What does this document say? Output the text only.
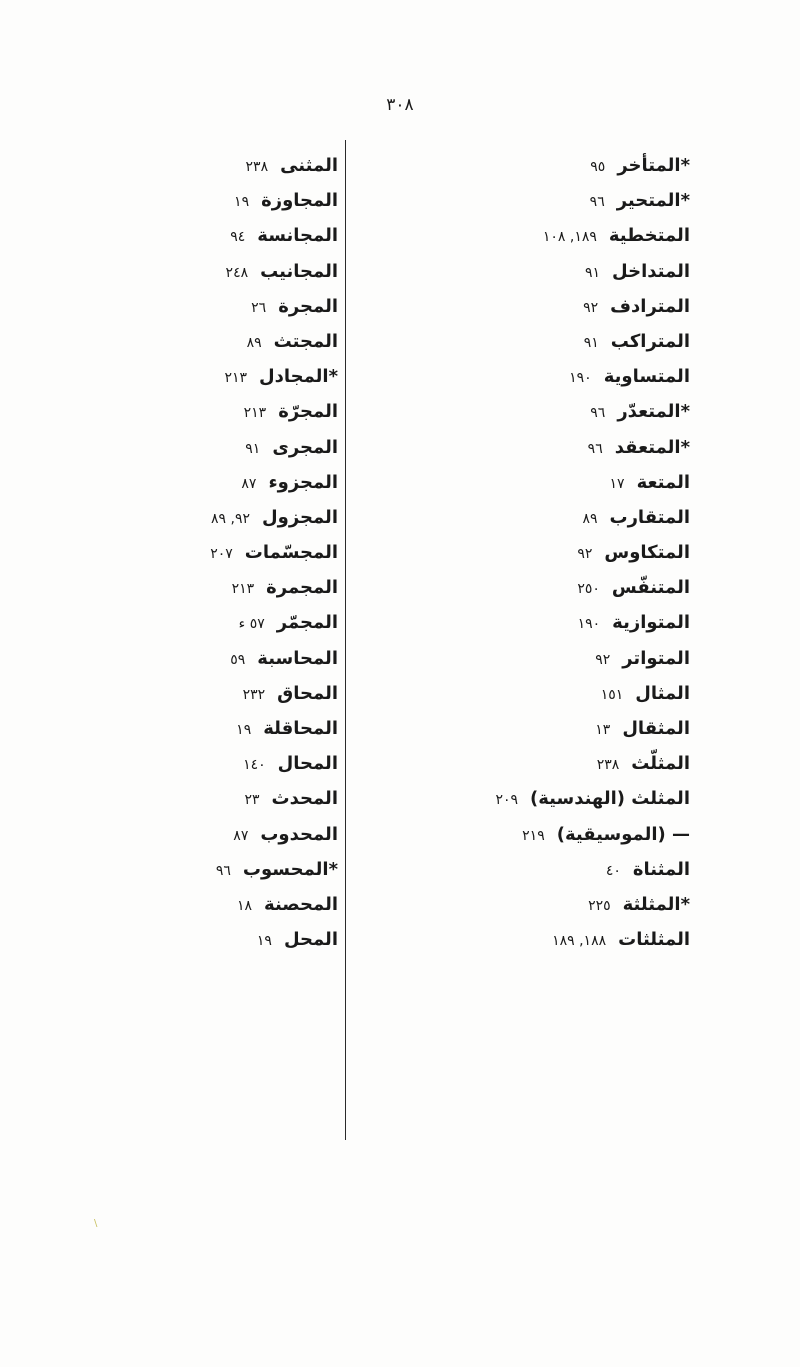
٣٠٨
*المتأخر٩٥
*المتحير٩٦
المتخطية١٨٩, ١٠٨
المتداخل٩١
المترادف٩٢
المتراكب٩١
المتساوية١٩٠
*المتعدّر٩٦
*المتعقد٩٦
المتعة١٧
المتقارب٨٩
المتكاوس٩٢
المتنفّس٢٥٠
المتوازية١٩٠
المتواتر٩٢
المثال١٥١
المثقال١٣
المثلّث٢٣٨
المثلث (الهندسية)٢٠٩
— (الموسيقية)٢١٩
المثناة٤٠
*المثلثة٢٢٥
المثلثات١٨٨, ١٨٩
المثنى٢٣٨
المجاوزة١٩
المجانسة٩٤
المجانيب٢٤٨
المجرة٢٦
المجتث٨٩
*المجادل٢١٣
المجرّة٢١٣
المجرى٩١
المجزوء٨٧
المجزول٩٢, ٨٩
المجسّمات٢٠٧
المجمرة٢١٣
المجمّر٥٧ ء
المحاسبة٥٩
المحاق٢٣٢
المحاقلة١٩
المحال١٤٠
المحدث٢٣
المحدوب٨٧
*المحسوب٩٦
المحصنة١٨
المحل١٩
\
